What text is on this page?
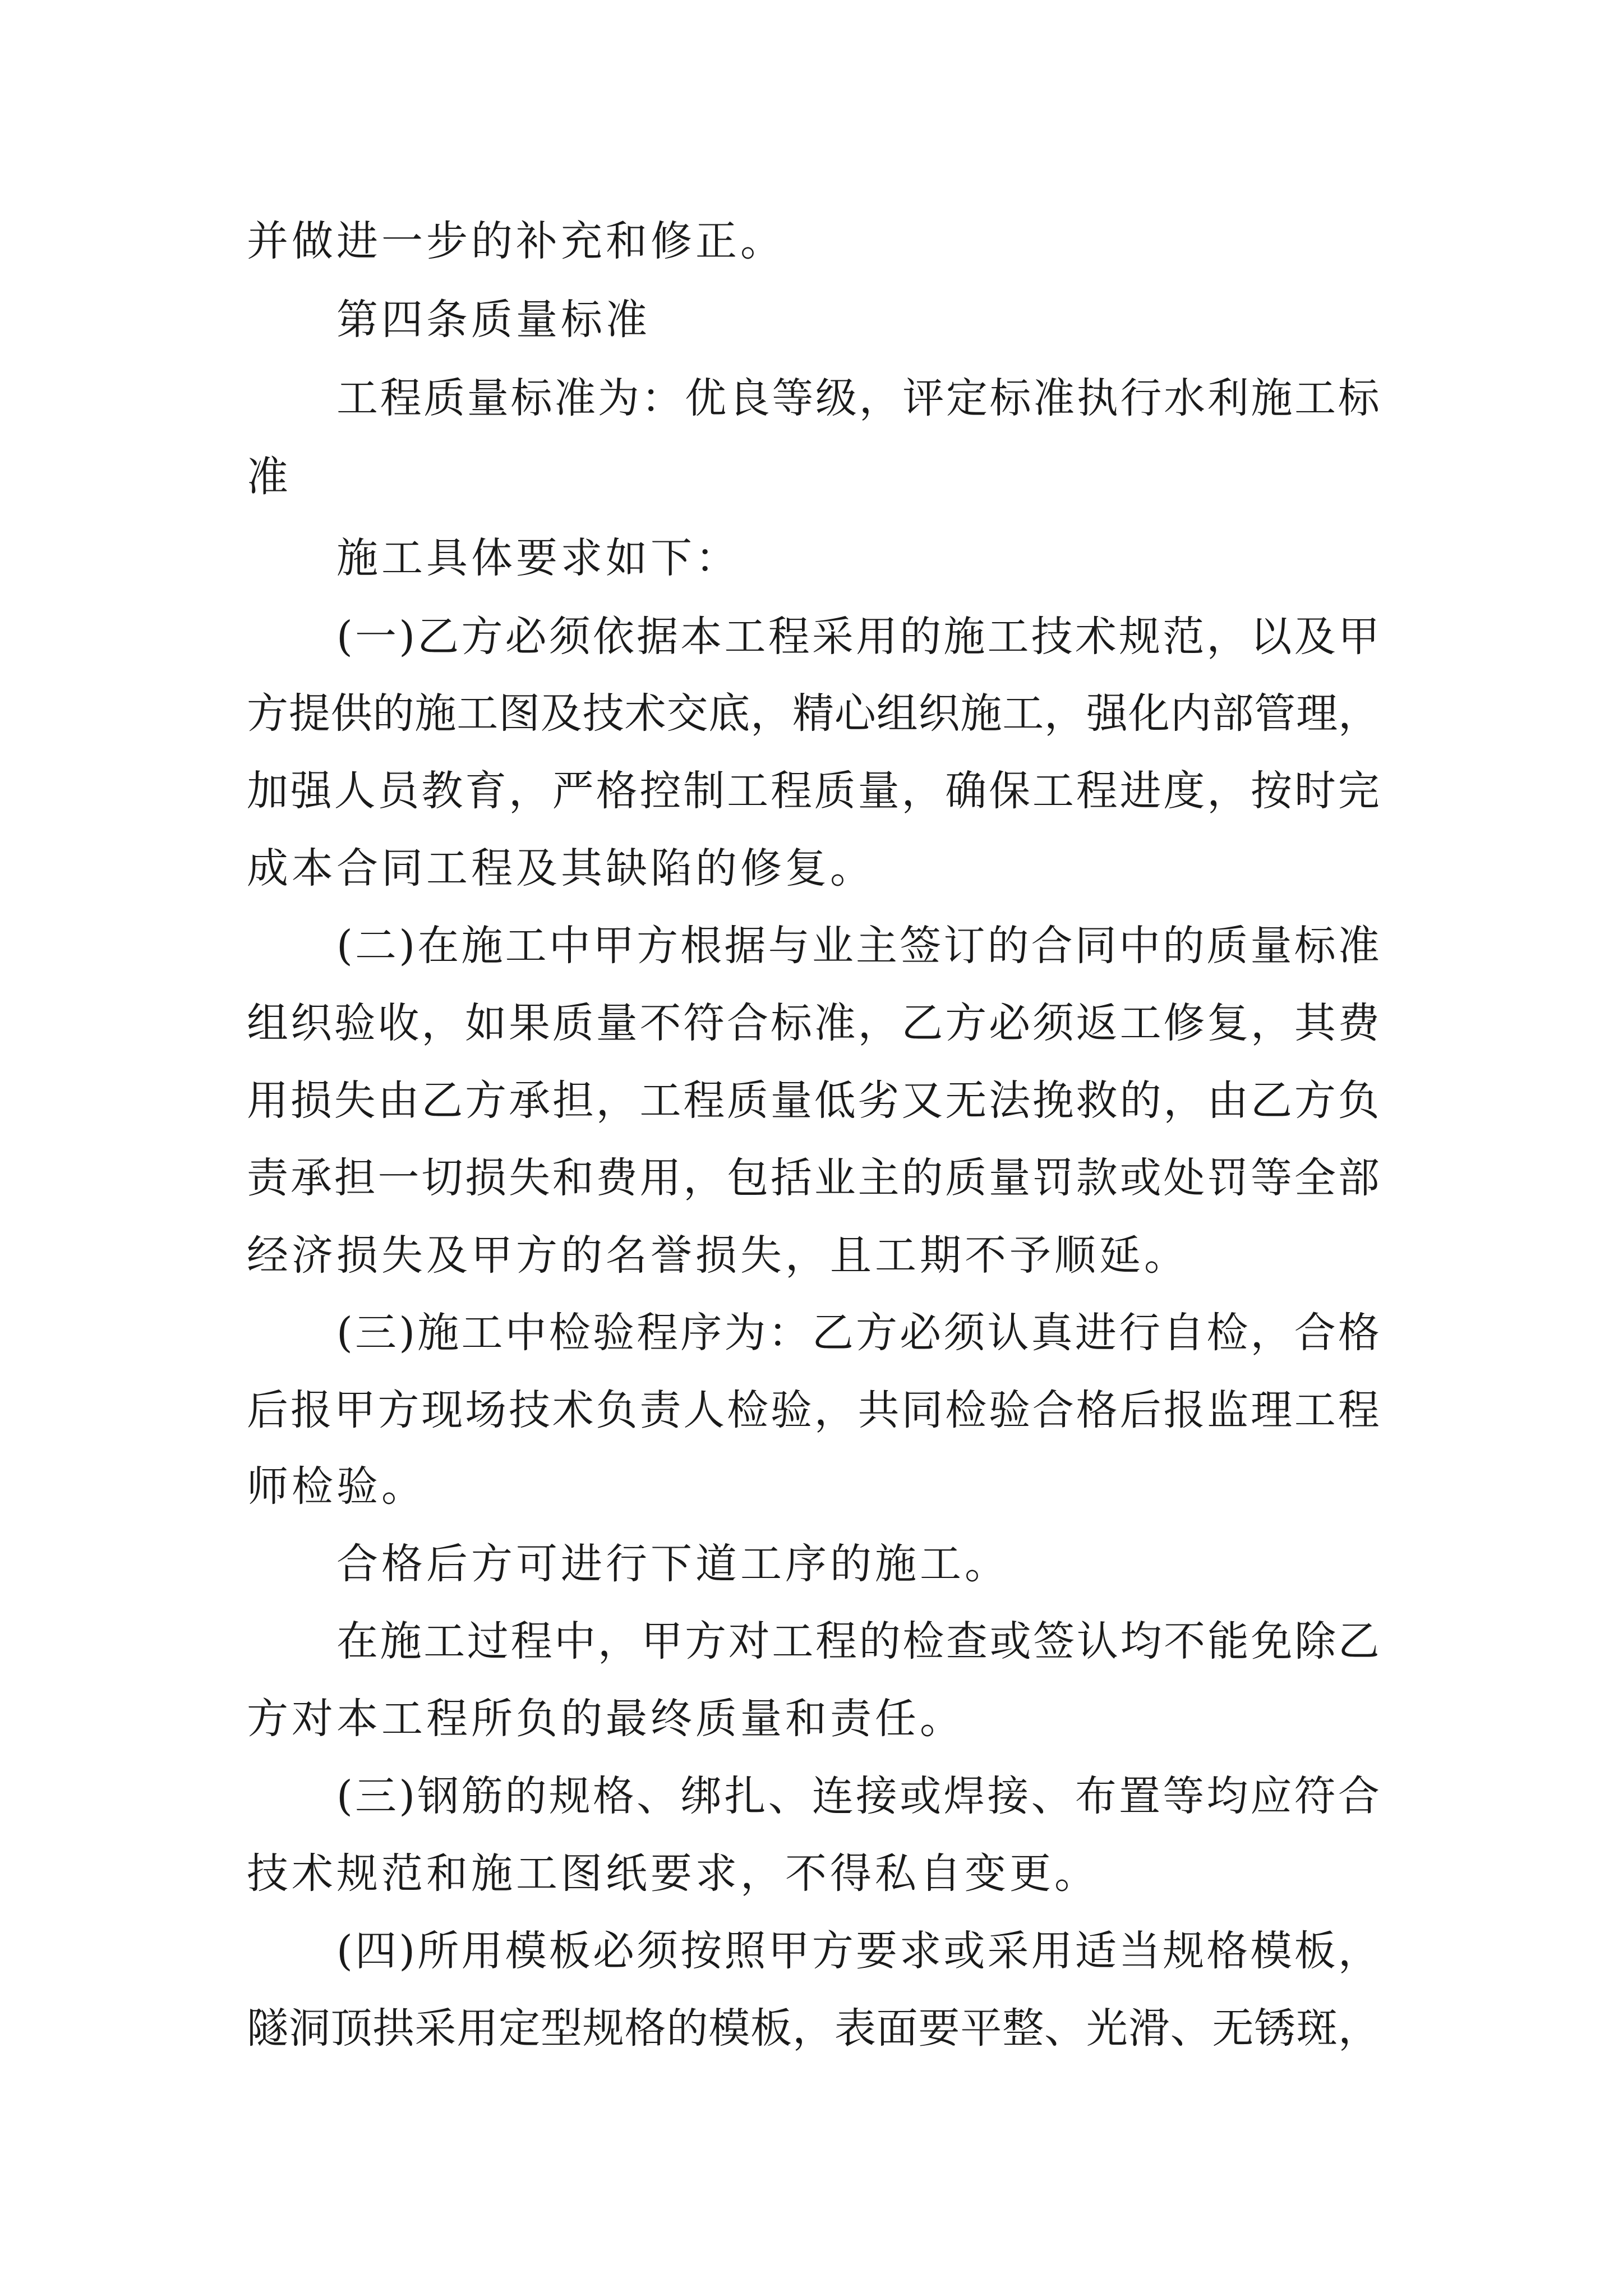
并做进一步的补充和修正。

第四条质量标准

工 程 质 量 标 准 为 ： 优 良 等 级 ， 评 定 标 准 执 行 水 利 施 工 标

准

施工具体要求如下：

( 一 ) 乙 方 必 须 依 据 本 工 程 采 用 的 施 工 技 术 规 范 ， 以 及 甲

方 提 供 的 施 工 图 及 技 术 交 底 ， 精 心 组 织 施 工 ， 强 化 内 部 管 理 ，

加 强 人 员 教 育 ， 严 格 控 制 工 程 质 量 ， 确 保 工 程 进 度 ， 按 时 完

成本合同工程及其缺陷的修复。

( 二 ) 在 施 工 中 甲 方 根 据 与 业 主 签 订 的 合 同 中 的 质 量 标 准

组 织 验 收 ， 如 果 质 量 不 符 合 标 准 ， 乙 方 必 须 返 工 修 复 ， 其 费

用 损 失 由 乙 方 承 担 ， 工 程 质 量 低 劣 又 无 法 挽 救 的 ， 由 乙 方 负

责 承 担 一 切 损 失 和 费 用 ， 包 括 业 主 的 质 量 罚 款 或 处 罚 等 全 部

经济损失及甲方的名誉损失，且工期不予顺延。

( 三 ) 施 工 中 检 验 程 序 为 ： 乙 方 必 须 认 真 进 行 自 检 ， 合 格

后 报 甲 方 现 场 技 术 负 责 人 检 验 ， 共 同 检 验 合 格 后 报 监 理 工 程

师检验。

合格后方可进行下道工序的施工。

在 施 工 过 程 中 ， 甲 方 对 工 程 的 检 查 或 签 认 均 不 能 免 除 乙

方对本工程所负的最终质量和责任。

( 三 ) 钢 筋 的 规 格 、 绑 扎 、 连 接 或 焊 接 、 布 置 等 均 应 符 合

技术规范和施工图纸要求，不得私自变更。

( 四 ) 所 用 模 板 必 须 按 照 甲 方 要 求 或 采 用 适 当 规 格 模 板 ，

隧 洞 顶 拱 采 用 定 型 规 格 的 模 板 ， 表 面 要 平 整 、 光 滑 、 无 锈 斑 ，
